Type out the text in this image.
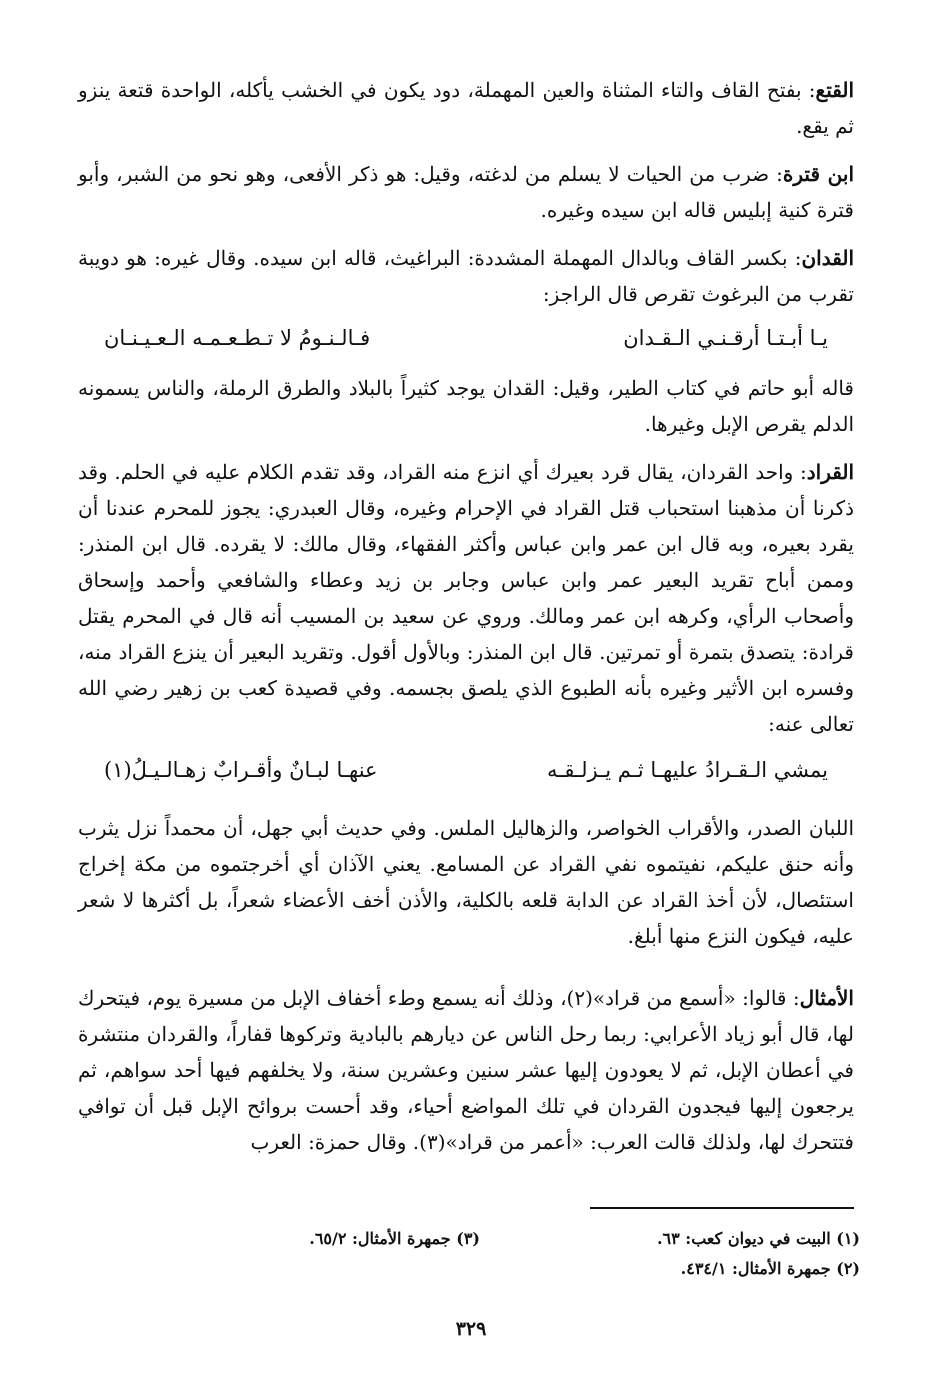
القتع: بفتح القاف والتاء المثناة والعين المهملة، دود يكون في الخشب يأكله، الواحدة قتعة ينزو ثم يقع.

ابن قترة: ضرب من الحيات لا يسلم من لدغته، وقيل: هو ذكر الأفعى، وهو نحو من الشبر، وأبو قترة كنية إبليس قاله ابن سيده وغيره.

القدان: بكسر القاف وبالدال المهملة المشددة: البراغيث، قاله ابن سيده. وقال غيره: هو دويبة تقرب من البرغوث تقرص قال الراجز:

يـا أبـتـا أرقـنـي الـقـدان
فـالـنـومُ لا تـطـعـمـه الـعـيـنـان

قاله أبو حاتم في كتاب الطير، وقيل: القدان يوجد كثيراً بالبلاد والطرق الرملة، والناس يسمونه الدلم يقرص الإبل وغيرها.

القراد: واحد القردان، يقال قرد بعيرك أي انزع منه القراد، وقد تقدم الكلام عليه في الحلم. وقد ذكرنا أن مذهبنا استحباب قتل القراد في الإحرام وغيره، وقال العبدري: يجوز للمحرم عندنا أن يقرد بعيره، وبه قال ابن عمر وابن عباس وأكثر الفقهاء، وقال مالك: لا يقرده. قال ابن المنذر: وممن أباح تقريد البعير عمر وابن عباس وجابر بن زيد وعطاء والشافعي وأحمد وإسحاق وأصحاب الرأي، وكرهه ابن عمر ومالك. وروي عن سعيد بن المسيب أنه قال في المحرم يقتل قرادة: يتصدق بتمرة أو تمرتين. قال ابن المنذر: وبالأول أقول. وتقريد البعير أن ينزع القراد منه، وفسره ابن الأثير وغيره بأنه الطبوع الذي يلصق بجسمه. وفي قصيدة كعب بن زهير رضي الله تعالى عنه:

يمشي الـقـرادُ عليهـا ثـم يـزلـقـه
عنهـا لبـانٌ وأقـرابٌ زهـالـيـلُ(١)

اللبان الصدر، والأقراب الخواصر، والزهاليل الملس. وفي حديث أبي جهل، أن محمداً نزل يثرب وأنه حنق عليكم، نفيتموه نفي القراد عن المسامع. يعني الآذان أي أخرجتموه من مكة إخراج استئصال، لأن أخذ القراد عن الدابة قلعه بالكلية، والأذن أخف الأعضاء شعراً، بل أكثرها لا شعر عليه، فيكون النزع منها أبلغ.

الأمثال: قالوا: «أسمع من قراد»(٢)، وذلك أنه يسمع وطء أخفاف الإبل من مسيرة يوم، فيتحرك لها، قال أبو زياد الأعرابي: ربما رحل الناس عن ديارهم بالبادية وتركوها قفاراً، والقردان منتشرة في أعطان الإبل، ثم لا يعودون إليها عشر سنين وعشرين سنة، ولا يخلفهم فيها أحد سواهم، ثم يرجعون إليها فيجدون القردان في تلك المواضع أحياء، وقد أحست بروائح الإبل قبل أن توافي فتتحرك لها، ولذلك قالت العرب: «أعمر من قراد»(٣). وقال حمزة: العرب

(١) البيت في ديوان كعب: ٦٣.
(٣) جمهرة الأمثال: ٦٥/٢.
(٢) جمهرة الأمثال: ٤٣٤/١.
٣٢٩
